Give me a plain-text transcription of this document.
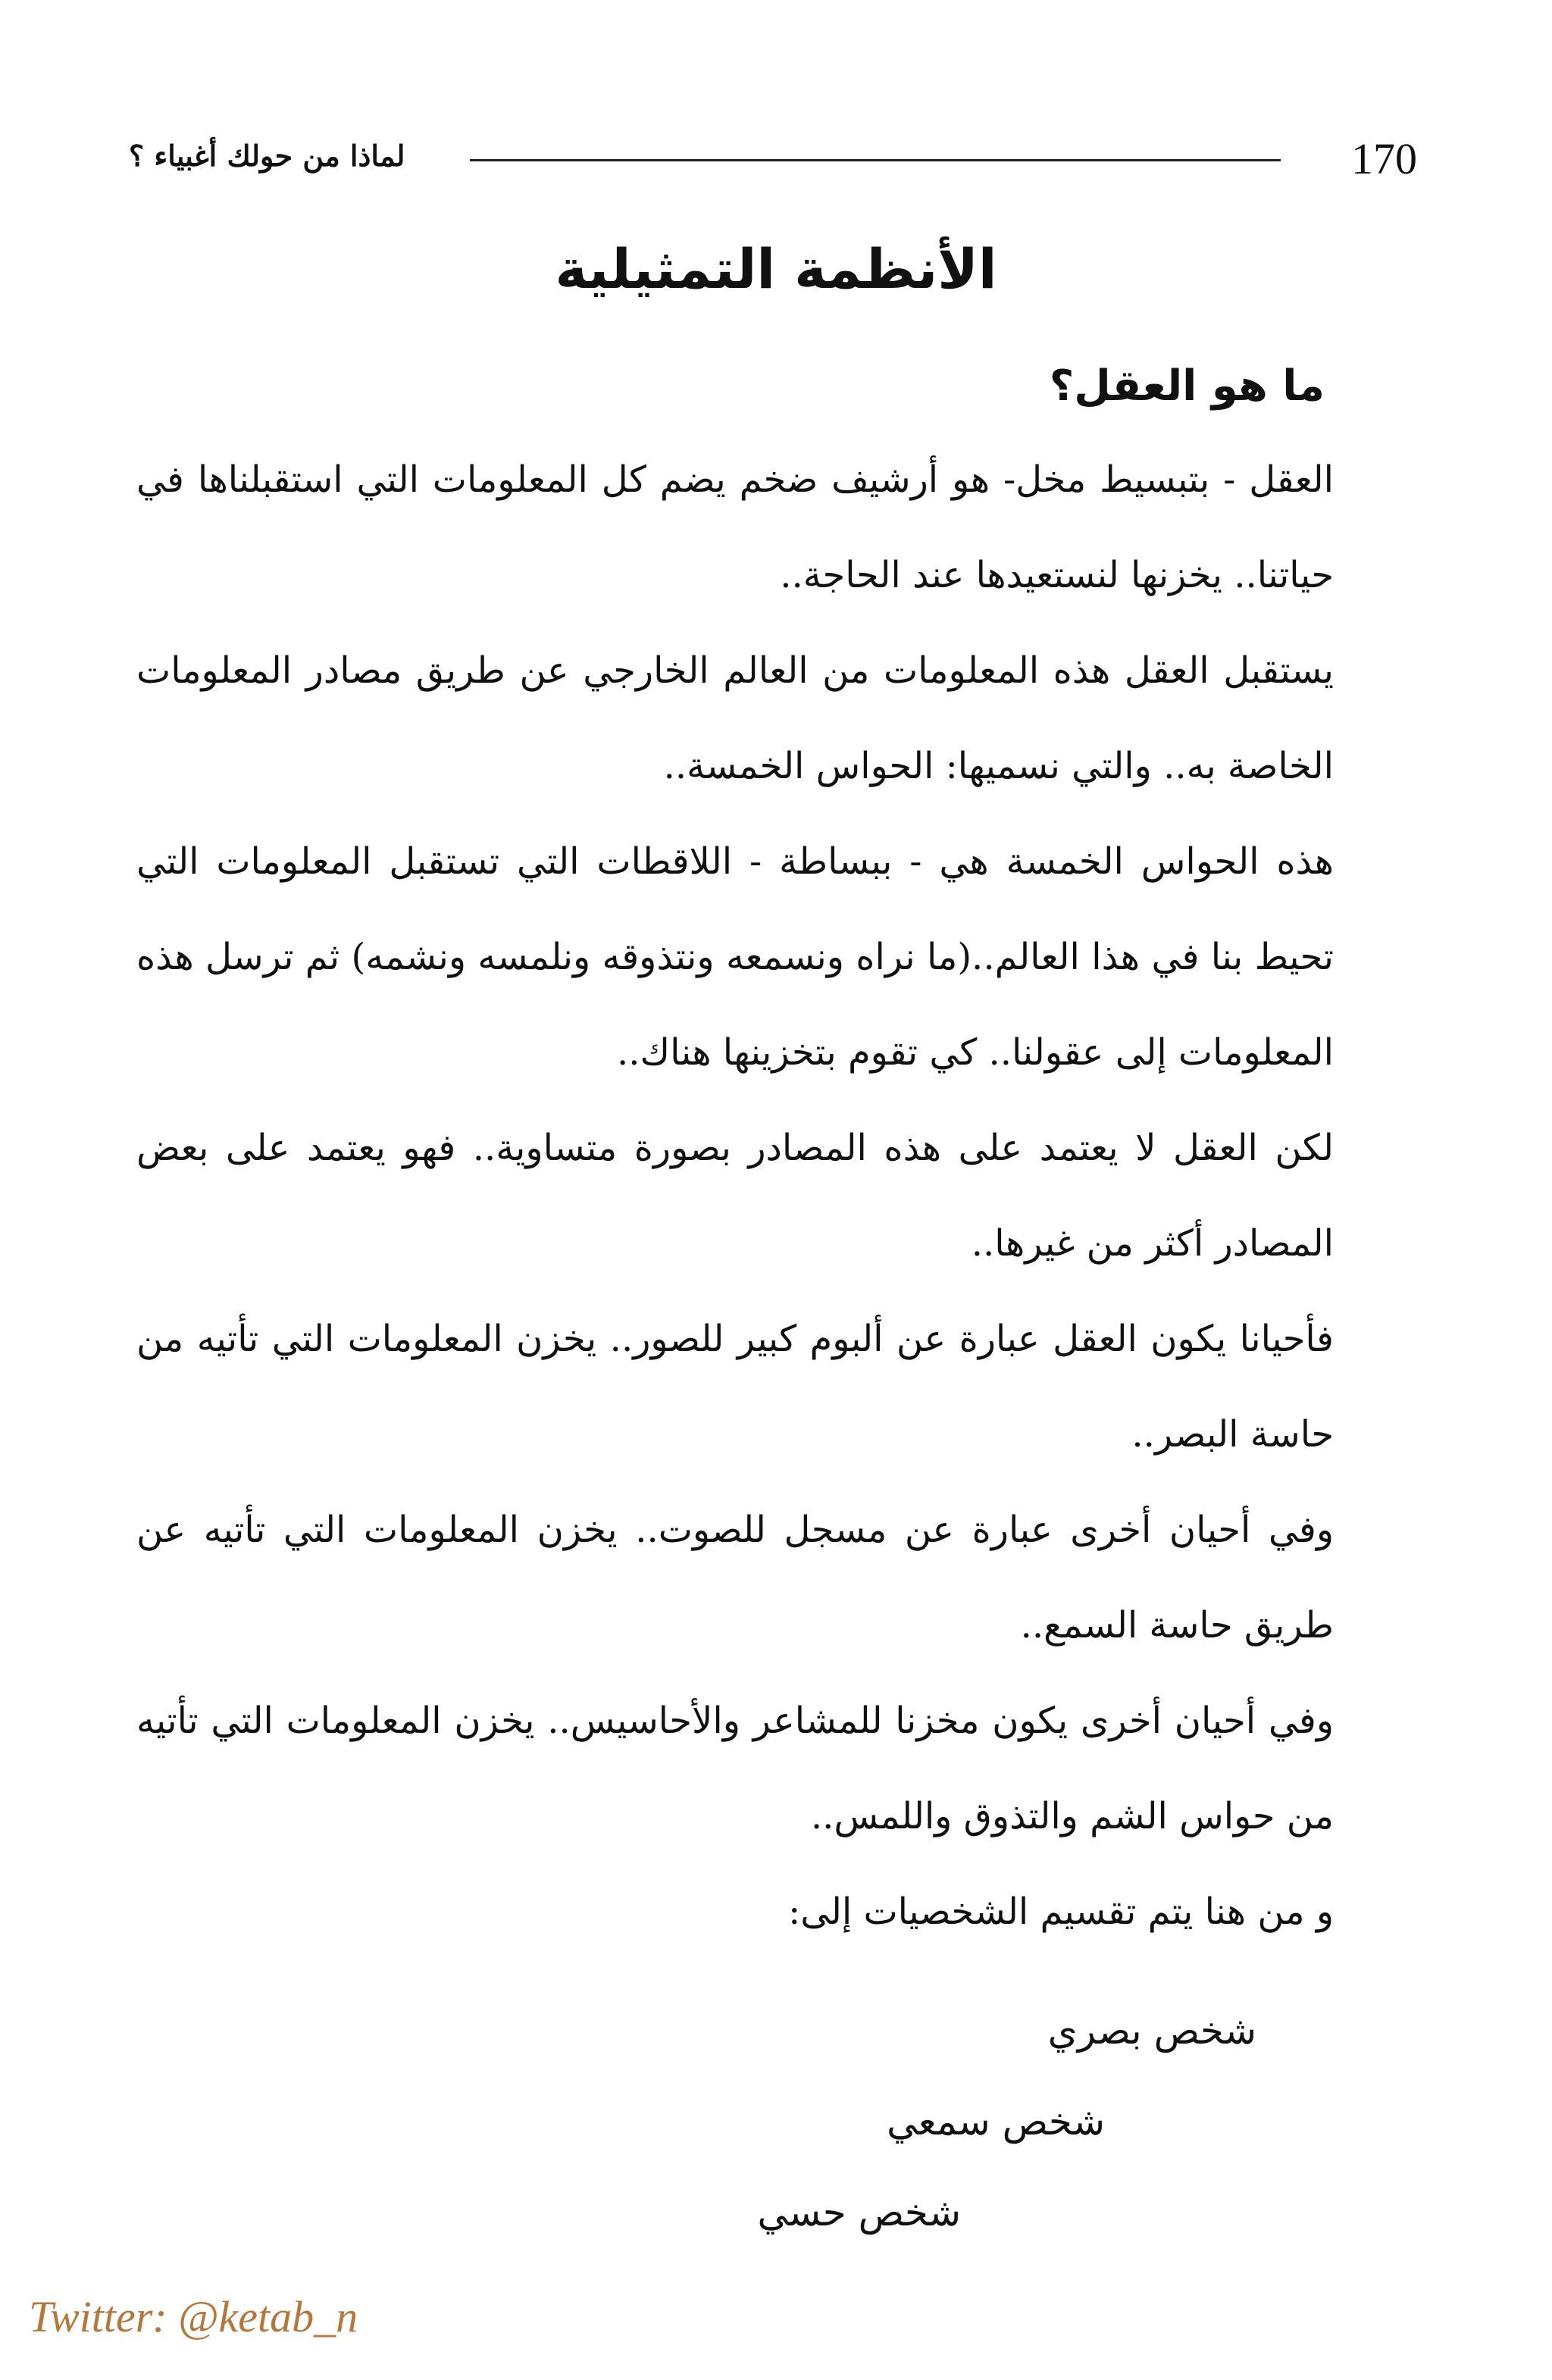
لماذا من حولك أغبياء ؟	170
الأنظمة التمثيلية
ما هو العقل؟

العقل - بتبسيط مخل- هو أرشيف ضخم يضم كل المعلومات التي استقبلناها في حياتنا.. يخزنها لنستعيدها عند الحاجة..

يستقبل العقل هذه المعلومات من العالم الخارجي عن طريق مصادر المعلومات الخاصة به.. والتي نسميها: الحواس الخمسة..

هذه الحواس الخمسة هي - ببساطة - اللاقطات التي تستقبل المعلومات التي تحيط بنا في هذا العالم..(ما نراه ونسمعه ونتذوقه ونلمسه ونشمه) ثم ترسل هذه المعلومات إلى عقولنا.. كي تقوم بتخزينها هناك..

لكن العقل لا يعتمد على هذه المصادر بصورة متساوية.. فهو يعتمد على بعض المصادر أكثر من غيرها..

فأحيانا يكون العقل عبارة عن ألبوم كبير للصور.. يخزن المعلومات التي تأتيه من حاسة البصر..

وفي أحيان أخرى عبارة عن مسجل للصوت.. يخزن المعلومات التي تأتيه عن طريق حاسة السمع..

وفي أحيان أخرى يكون مخزنا للمشاعر والأحاسيس.. يخزن المعلومات التي تأتيه من حواس الشم والتذوق واللمس..

و من هنا يتم تقسيم الشخصيات إلى:

شخص بصري
شخص سمعي
شخص حسي
Twitter: @ketab_n
